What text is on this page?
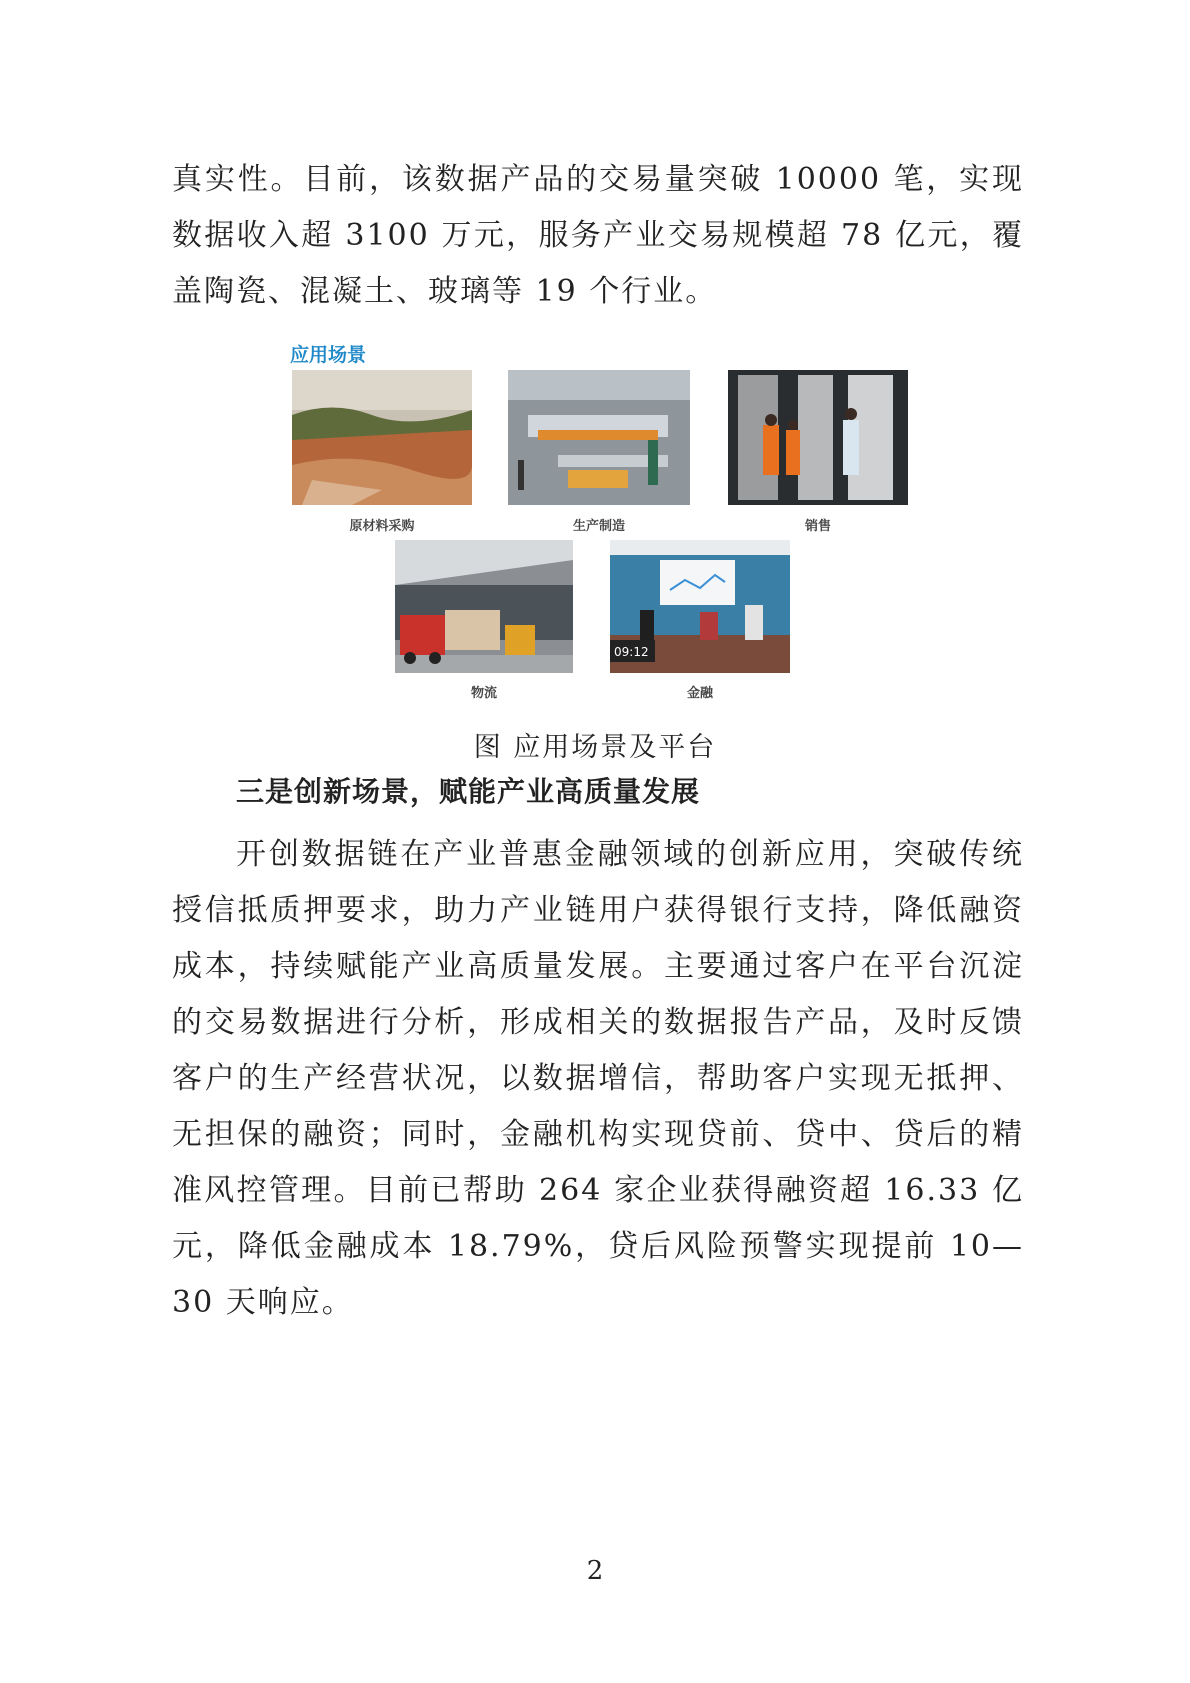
真实性。目前，该数据产品的交易量突破 10000 笔，实现数据收入超 3100 万元，服务产业交易规模超 78 亿元，覆盖陶瓷、混凝土、玻璃等 19 个行业。

应用场景
原材料采购	生产制造	销售
物流
09:12
金融
图 应用场景及平台
三是创新场景，赋能产业高质量发展

开创数据链在产业普惠金融领域的创新应用，突破传统授信抵质押要求，助力产业链用户获得银行支持，降低融资成本，持续赋能产业高质量发展。主要通过客户在平台沉淀的交易数据进行分析，形成相关的数据报告产品，及时反馈客户的生产经营状况，以数据增信，帮助客户实现无抵押、无担保的融资；同时，金融机构实现贷前、贷中、贷后的精准风控管理。目前已帮助 264 家企业获得融资超 16.33 亿元，降低金融成本 18.79%，贷后风险预警实现提前 10—30 天响应。

2
